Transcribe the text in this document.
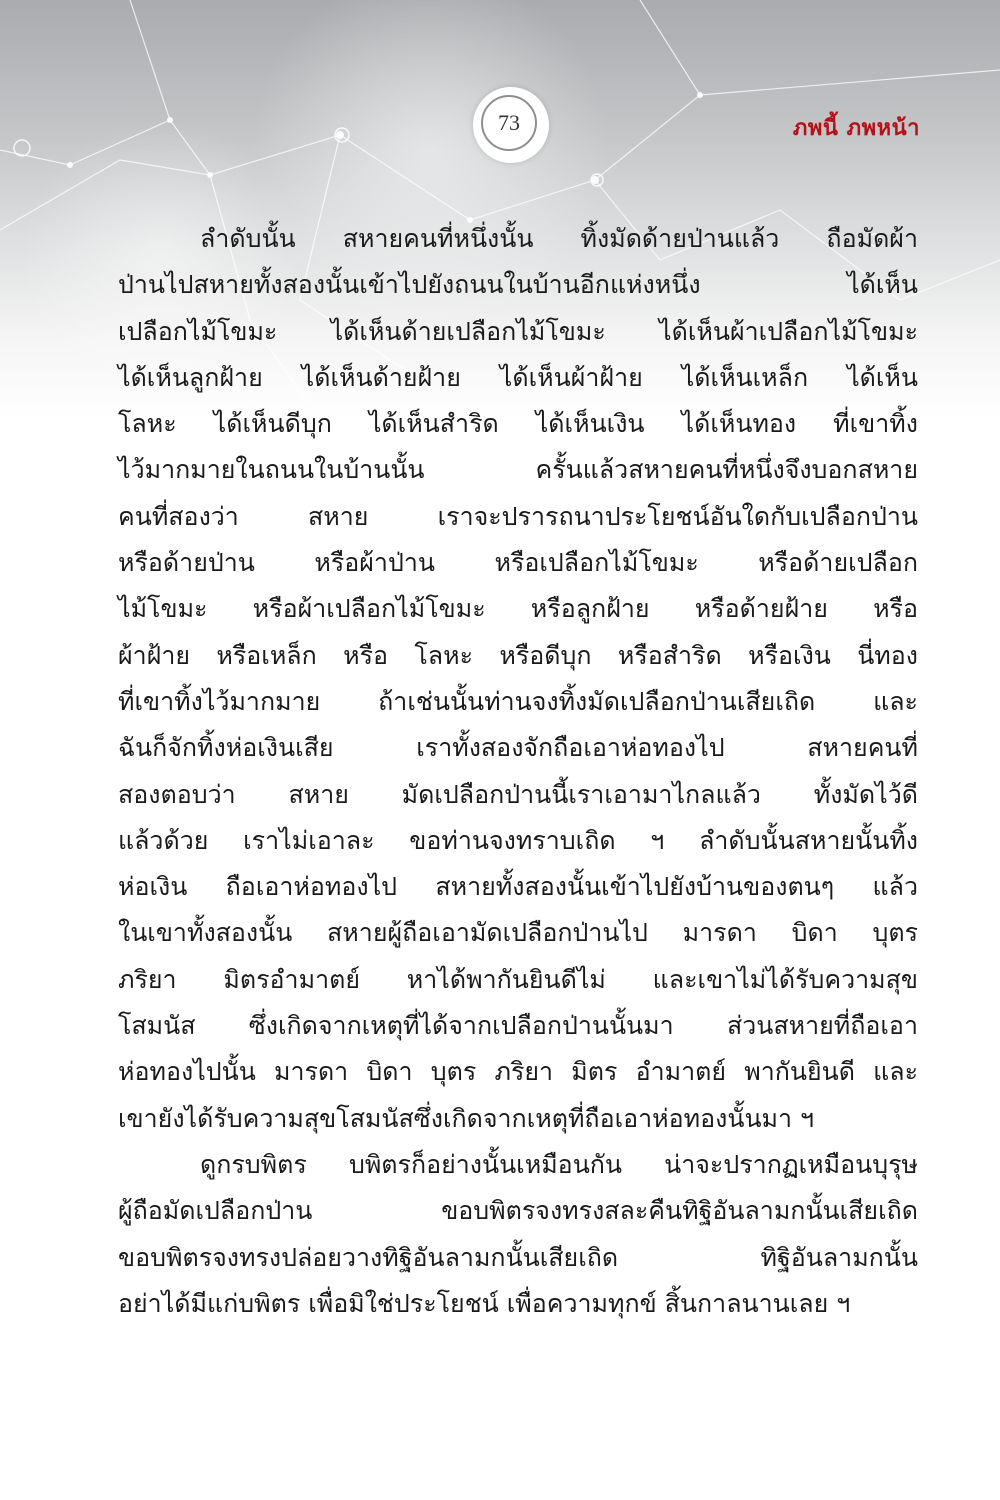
73	ภพนี้ ภพหน้า
ลำดับนั้น สหายคนที่หนึ่งนั้น ทิ้งมัดด้ายป่านแล้ว ถือมัดผ้า
ป่านไปสหายทั้งสองนั้นเข้าไปยังถนนในบ้านอีกแห่งหนึ่ง ได้เห็น
เปลือกไม้โขมะ ได้เห็นด้ายเปลือกไม้โขมะ ได้เห็นผ้าเปลือกไม้โขมะ
ได้เห็นลูกฝ้าย ได้เห็นด้ายฝ้าย ได้เห็นผ้าฝ้าย ได้เห็นเหล็ก ได้เห็น
โลหะ ได้เห็นดีบุก ได้เห็นสำริด ได้เห็นเงิน ได้เห็นทอง ที่เขาทิ้ง
ไว้มากมายในถนนในบ้านนั้น ครั้นแล้วสหายคนที่หนึ่งจึงบอกสหาย
คนที่สองว่า สหาย เราจะปรารถนาประโยชน์อันใดกับเปลือกป่าน
หรือด้ายป่าน หรือผ้าป่าน หรือเปลือกไม้โขมะ หรือด้ายเปลือก
ไม้โขมะ หรือผ้าเปลือกไม้โขมะ หรือลูกฝ้าย หรือด้ายฝ้าย หรือ
ผ้าฝ้าย หรือเหล็ก หรือ โลหะ หรือดีบุก หรือสำริด หรือเงิน นี่ทอง
ที่เขาทิ้งไว้มากมาย ถ้าเช่นนั้นท่านจงทิ้งมัดเปลือกป่านเสียเถิด และ
ฉันก็จักทิ้งห่อเงินเสีย เราทั้งสองจักถือเอาห่อทองไป สหายคนที่
สองตอบว่า สหาย มัดเปลือกป่านนี้เราเอามาไกลแล้ว ทั้งมัดไว้ดี
แล้วด้วย เราไม่เอาละ ขอท่านจงทราบเถิด ฯ ลำดับนั้นสหายนั้นทิ้ง
ห่อเงิน ถือเอาห่อทองไป สหายทั้งสองนั้นเข้าไปยังบ้านของตนๆ แล้ว
ในเขาทั้งสองนั้น สหายผู้ถือเอามัดเปลือกป่านไป มารดา บิดา บุตร
ภริยา มิตรอำมาตย์ หาได้พากันยินดีไม่ และเขาไม่ได้รับความสุข
โสมนัส ซึ่งเกิดจากเหตุที่ได้จากเปลือกป่านนั้นมา ส่วนสหายที่ถือเอา
ห่อทองไปนั้น มารดา บิดา บุตร ภริยา มิตร อำมาตย์ พากันยินดี และ
เขายังได้รับความสุขโสมนัสซึ่งเกิดจากเหตุที่ถือเอาห่อทองนั้นมา ฯ
ดูกรบพิตร บพิตรก็อย่างนั้นเหมือนกัน น่าจะปรากฏเหมือนบุรุษ
ผู้ถือมัดเปลือกป่าน ขอบพิตรจงทรงสละคืนทิฐิอันลามกนั้นเสียเถิด
ขอบพิตรจงทรงปล่อยวางทิฐิอันลามกนั้นเสียเถิด ทิฐิอันลามกนั้น
อย่าได้มีแก่บพิตร เพื่อมิใช่ประโยชน์ เพื่อความทุกข์ สิ้นกาลนานเลย ฯ
